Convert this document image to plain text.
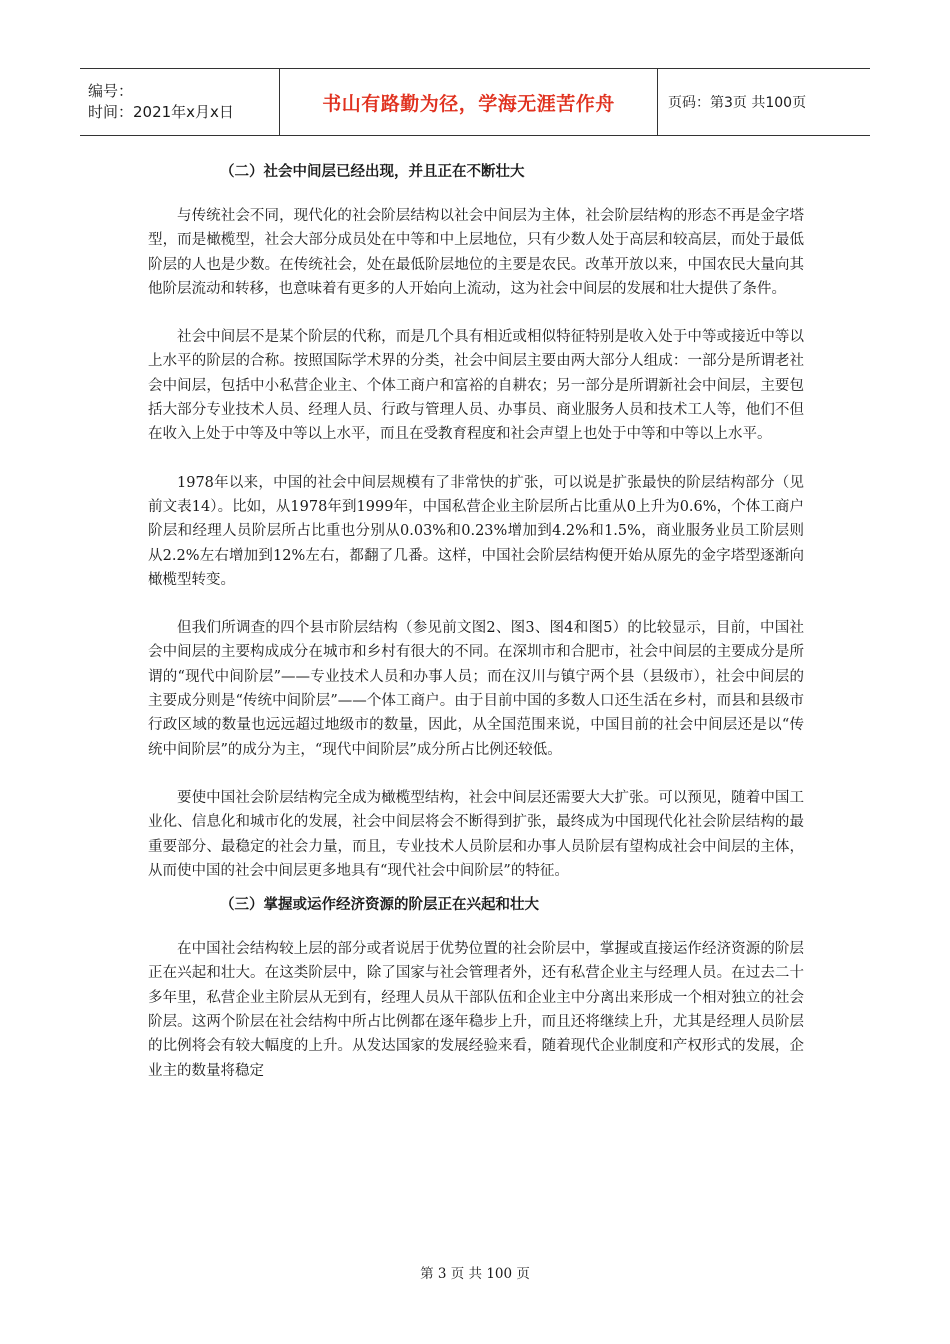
编号：
时间：2021年x月x日	书山有路勤为径，学海无涯苦作舟	页码：第3页 共100页

（二）社会中间层已经出现，并且正在不断壮大

与传统社会不同，现代化的社会阶层结构以社会中间层为主体，社会阶层结构的形态不再是金字塔型，而是橄榄型，社会大部分成员处在中等和中上层地位，只有少数人处于高层和较高层，而处于最低阶层的人也是少数。在传统社会，处在最低阶层地位的主要是农民。改革开放以来，中国农民大量向其他阶层流动和转移，也意味着有更多的人开始向上流动，这为社会中间层的发展和壮大提供了条件。

社会中间层不是某个阶层的代称，而是几个具有相近或相似特征特别是收入处于中等或接近中等以上水平的阶层的合称。按照国际学术界的分类，社会中间层主要由两大部分人组成：一部分是所谓老社会中间层，包括中小私营企业主、个体工商户和富裕的自耕农；另一部分是所谓新社会中间层，主要包括大部分专业技术人员、经理人员、行政与管理人员、办事员、商业服务人员和技术工人等，他们不但在收入上处于中等及中等以上水平，而且在受教育程度和社会声望上也处于中等和中等以上水平。

1978年以来，中国的社会中间层规模有了非常快的扩张，可以说是扩张最快的阶层结构部分（见前文表14）。比如，从1978年到1999年，中国私营企业主阶层所占比重从0上升为0.6%，个体工商户阶层和经理人员阶层所占比重也分别从0.03%和0.23%增加到4.2%和1.5%，商业服务业员工阶层则从2.2%左右增加到12%左右，都翻了几番。这样，中国社会阶层结构便开始从原先的金字塔型逐渐向橄榄型转变。

但我们所调查的四个县市阶层结构（参见前文图2、图3、图4和图5）的比较显示，目前，中国社会中间层的主要构成成分在城市和乡村有很大的不同。在深圳市和合肥市，社会中间层的主要成分是所谓的“现代中间阶层”——专业技术人员和办事人员；而在汉川与镇宁两个县（县级市），社会中间层的主要成分则是“传统中间阶层”——个体工商户。由于目前中国的多数人口还生活在乡村，而县和县级市行政区域的数量也远远超过地级市的数量，因此，从全国范围来说，中国目前的社会中间层还是以“传统中间阶层”的成分为主，“现代中间阶层”成分所占比例还较低。

要使中国社会阶层结构完全成为橄榄型结构，社会中间层还需要大大扩张。可以预见，随着中国工业化、信息化和城市化的发展，社会中间层将会不断得到扩张，最终成为中国现代化社会阶层结构的最重要部分、最稳定的社会力量，而且，专业技术人员阶层和办事人员阶层有望构成社会中间层的主体，从而使中国的社会中间层更多地具有“现代社会中间阶层”的特征。

（三）掌握或运作经济资源的阶层正在兴起和壮大

在中国社会结构较上层的部分或者说居于优势位置的社会阶层中，掌握或直接运作经济资源的阶层正在兴起和壮大。在这类阶层中，除了国家与社会管理者外，还有私营企业主与经理人员。在过去二十多年里，私营企业主阶层从无到有，经理人员从干部队伍和企业主中分离出来形成一个相对独立的社会阶层。这两个阶层在社会结构中所占比例都在逐年稳步上升，而且还将继续上升，尤其是经理人员阶层的比例将会有较大幅度的上升。从发达国家的发展经验来看，随着现代企业制度和产权形式的发展，企业主的数量将稳定

第 3 页 共 100 页
